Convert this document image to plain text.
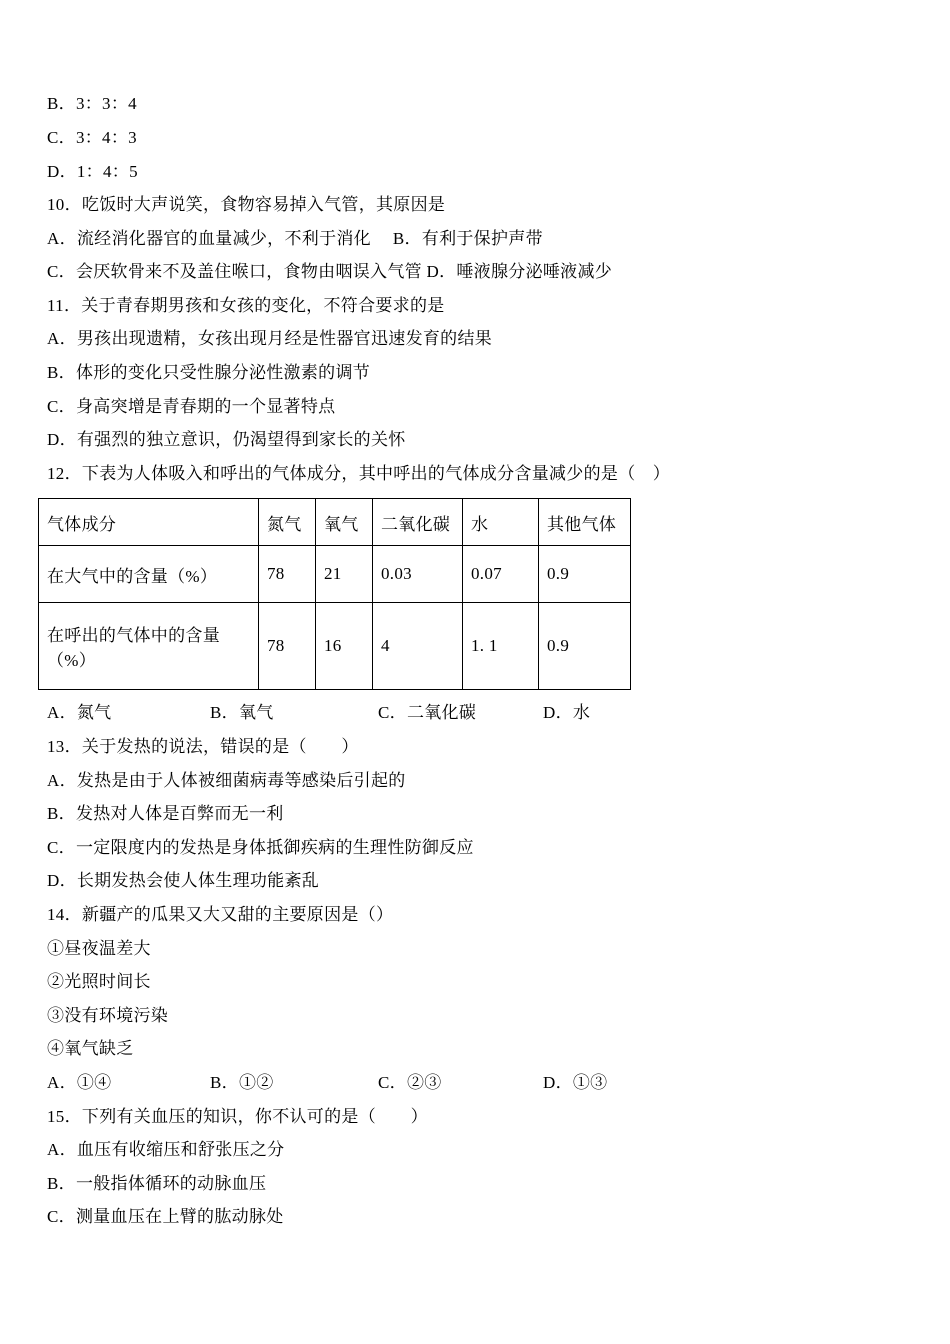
B．3：3：4

C．3：4：3

D．1：4：5

10．吃饭时大声说笑，食物容易掉入气管，其原因是

A．流经消化器官的血量减少，不利于消化　 B．有利于保护声带

C．会厌软骨来不及盖住喉口，食物由咽误入气管 D．唾液腺分泌唾液减少

11．关于青春期男孩和女孩的变化，不符合要求的是

A．男孩出现遗精，女孩出现月经是性器官迅速发育的结果

B．体形的变化只受性腺分泌性激素的调节

C．身高突增是青春期的一个显著特点

D．有强烈的独立意识，仍渴望得到家长的关怀

12．下表为人体吸入和呼出的气体成分，其中呼出的气体成分含量减少的是（　）

气体成分	氮气	氧气	二氧化碳	水	其他气体
在大气中的含量（%）	78	21	0.03	0.07	0.9
在呼出的气体中的含量（%）	78	16	4	1. 1	0.9

A．氮气	B．氧气	C．二氧化碳	D．水

13．关于发热的说法，错误的是（　　）

A．发热是由于人体被细菌病毒等感染后引起的

B．发热对人体是百弊而无一利

C．一定限度内的发热是身体抵御疾病的生理性防御反应

D．长期发热会使人体生理功能紊乱

14．新疆产的瓜果又大又甜的主要原因是（）

①昼夜温差大

②光照时间长

③没有环境污染

④氧气缺乏

A．①④	B．①②	C．②③	D．①③

15．下列有关血压的知识，你不认可的是（　　）

A．血压有收缩压和舒张压之分

B．一般指体循环的动脉血压

C．测量血压在上臂的肱动脉处
